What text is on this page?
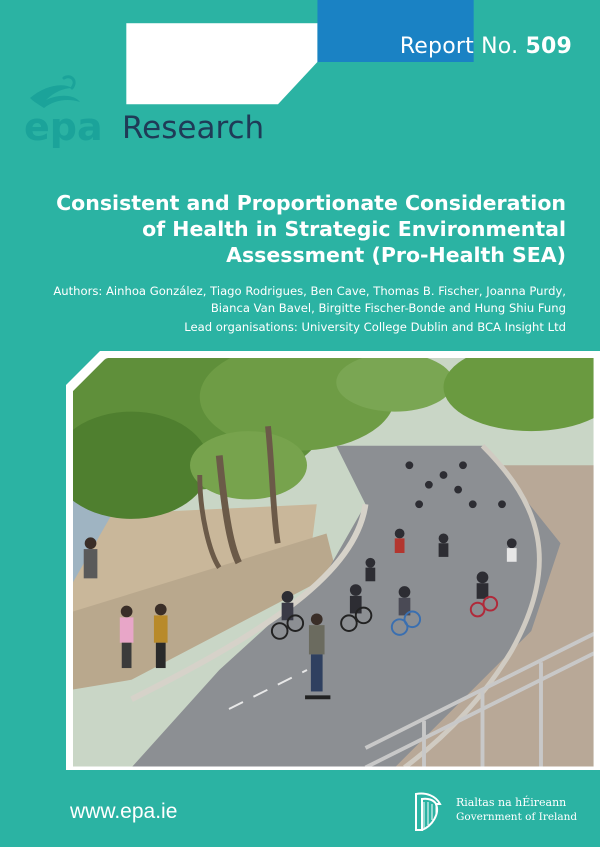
Report No. 509
epa Research
Consistent and Proportionate Consideration of Health in Strategic Environmental Assessment (Pro-Health SEA)
Authors: Ainhoa González, Tiago Rodrigues, Ben Cave, Thomas B. Fischer, Joanna Purdy, Bianca Van Bavel, Birgitte Fischer-Bonde and Hung Shiu Fung
Lead organisations: University College Dublin and BCA Insight Ltd
www.epa.ie	Rialtas na hÉireann
Government of Ireland
